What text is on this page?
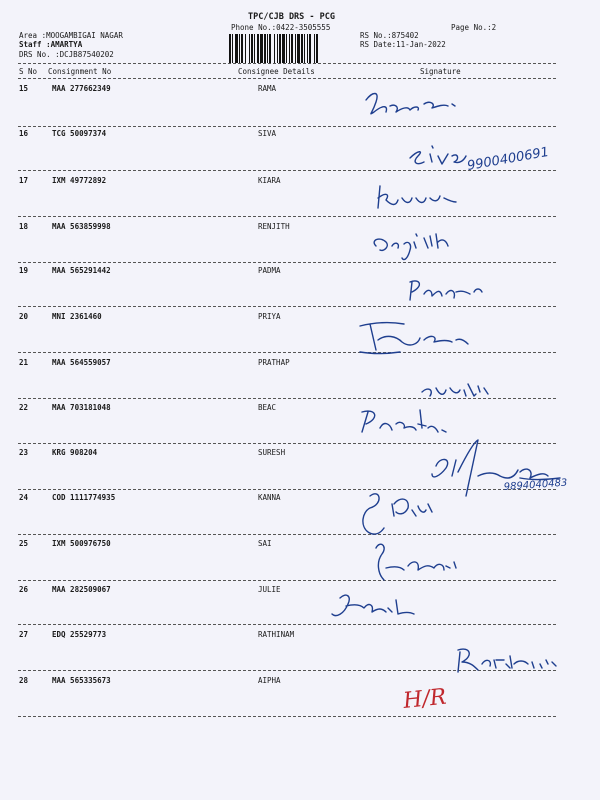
TPC/CJB DRS - PCG
Phone No.:0422-3505555	Page No.:2
Area :MOOGAMBIGAI NAGAR
Staff :AMARTYA
DRS No. :DCJB87540202
RS No.:875402
RS Date:11-Jan-2022
S No Consignment No	Consignee Details	Signature
15	MAA 277662349	RAMA
16	TCG 50097374	SIVA
17	IXM 49772892	KIARA
18	MAA 563859998	RENJITH
19	MAA 565291442	PADMA
20	MNI 2361460	PRIYA
21	MAA 564559057	PRATHAP
22	MAA 703181048	BEAC
23	KRG 908204	SURESH
24	COD 1111774935	KANNA
25	IXM 500976750	SAI
26	MAA 282509067	JULIE
27	EDQ 25529773	RATHINAM
28	MAA 565335673	AIPHA
9900400691
9894040483
H/R
